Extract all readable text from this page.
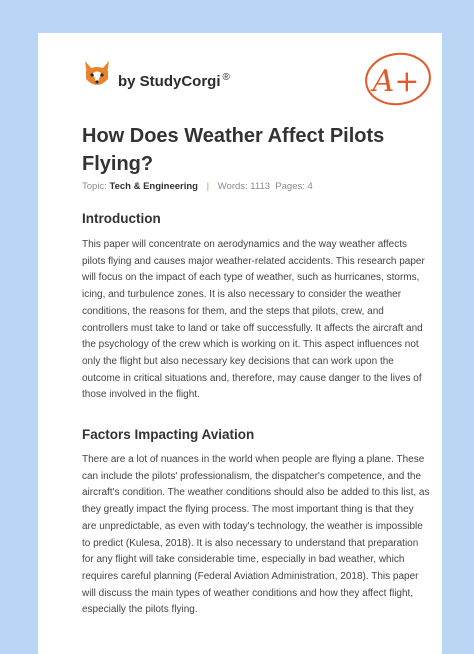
by StudyCorgi ®	A+
How Does Weather Affect Pilots Flying?
Topic: Tech & Engineering | Words: 1113 Pages: 4
Introduction

This paper will concentrate on aerodynamics and the way weather affects pilots flying and causes major weather-related accidents. This research paper will focus on the impact of each type of weather, such as hurricanes, storms, icing, and turbulence zones. It is also necessary to consider the weather conditions, the reasons for them, and the steps that pilots, crew, and controllers must take to land or take off successfully. It affects the aircraft and the psychology of the crew which is working on it. This aspect influences not only the flight but also necessary key decisions that can work upon the outcome in critical situations and, therefore, may cause danger to the lives of those involved in the flight.

Factors Impacting Aviation

There are a lot of nuances in the world when people are flying a plane. These can include the pilots' professionalism, the dispatcher's competence, and the aircraft's condition. The weather conditions should also be added to this list, as they greatly impact the flying process. The most important thing is that they are unpredictable, as even with today's technology, the weather is impossible to predict (Kulesa, 2018). It is also necessary to understand that preparation for any flight will take considerable time, especially in bad weather, which requires careful planning (Federal Aviation Administration, 2018). This paper will discuss the main types of weather conditions and how they affect flight, especially the pilots flying.
